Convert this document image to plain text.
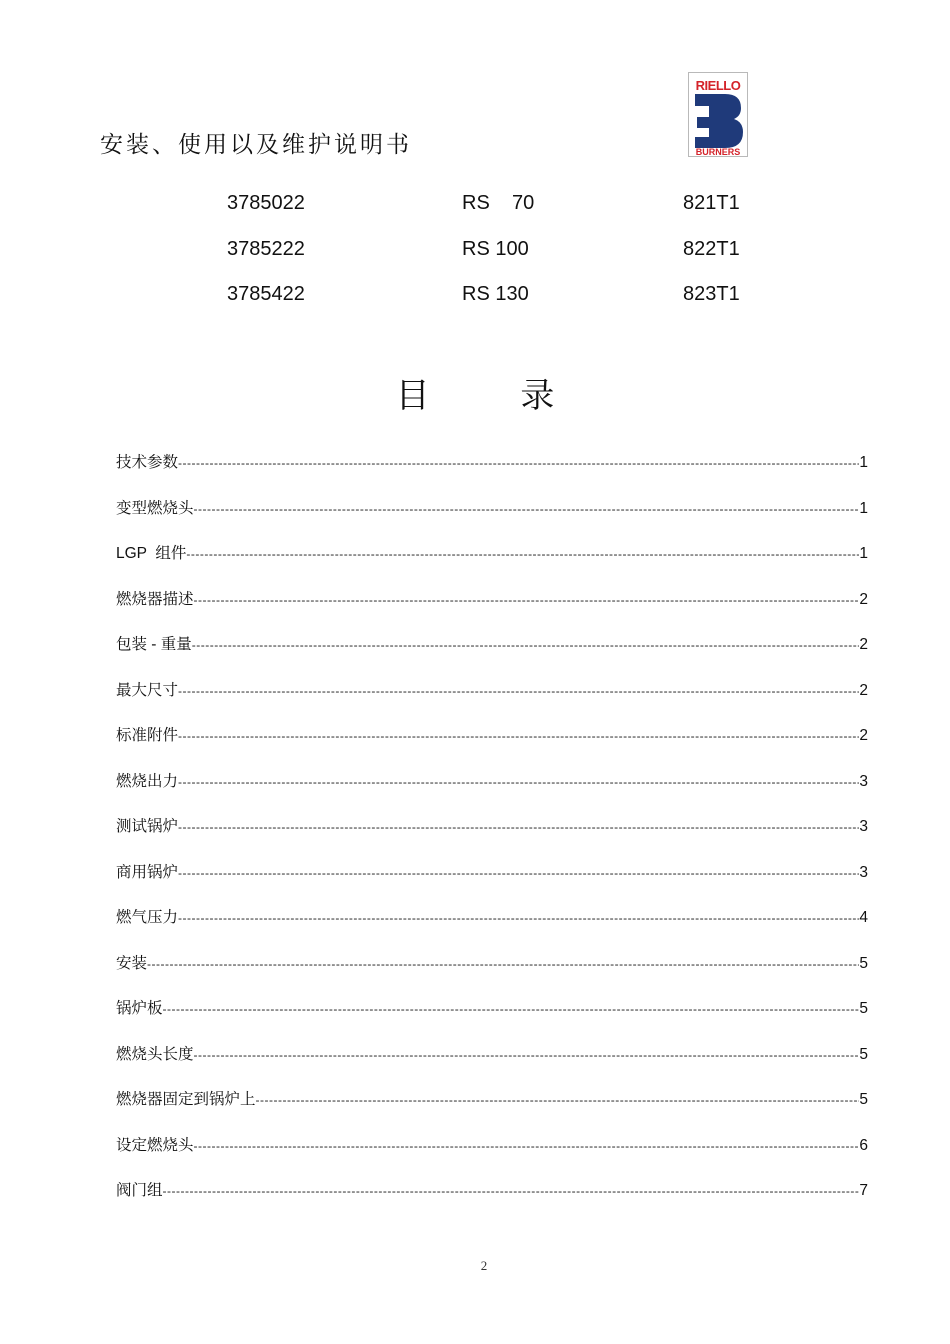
安装、使用以及维护说明书
RIELLO
BURNERS
3785022	RS    70	821T1
3785222	RS 100	822T1
3785422	RS 130	823T1
目 录
技术参数 -----	1
变型燃烧头 -----	1
LGP  组件 -----	1
燃烧器描述 -----	2
包装 - 重量 -----	2
最大尺寸 -----	2
标准附件 -----	2
燃烧出力 -----	3
测试锅炉 -----	3
商用锅炉 -----	3
燃气压力 -----	4
安装 -----	5
锅炉板 -----	5
燃烧头长度 -----	5
燃烧器固定到锅炉上 -----	5
设定燃烧头 -----	6
阀门组 -----	7
2
